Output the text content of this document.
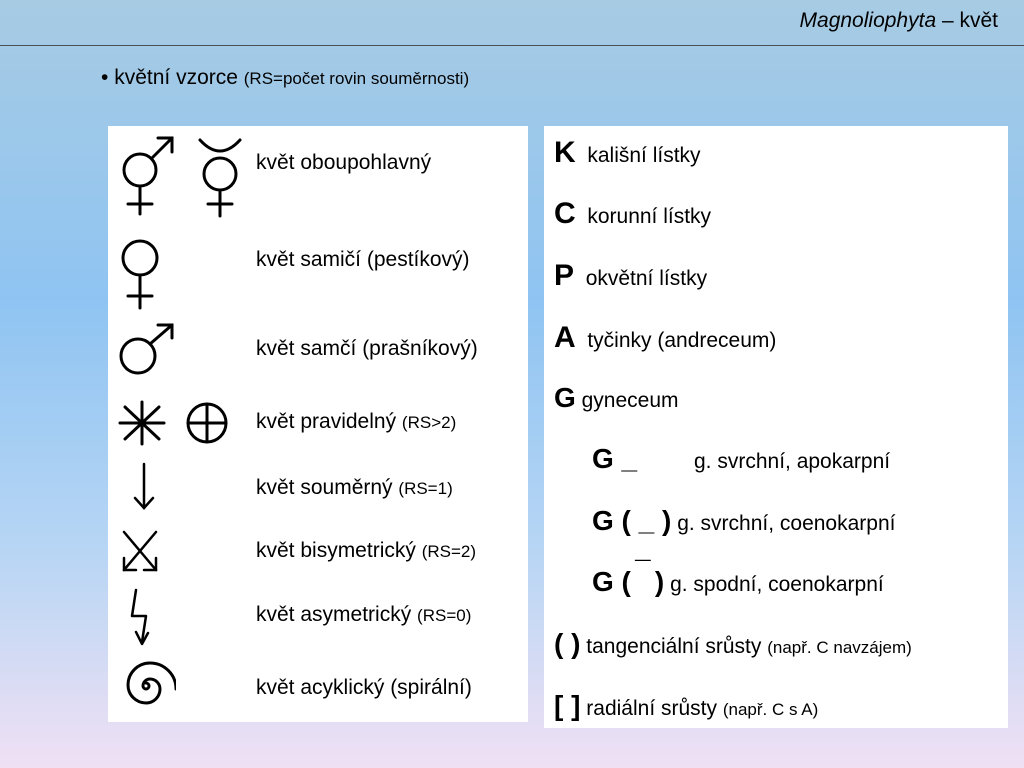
Magnoliophyta – květ
• květní vzorce (RS=počet rovin souměrnosti)
květ oboupohlavný
květ samičí (pestíkový)
květ samčí (prašníkový)
květ pravidelný (RS>2)
květ souměrný (RS=1)
květ bisymetrický (RS=2)
květ asymetrický (RS=0)
květ acyklický (spirální)
K kališní lístky
C korunní lístky
P okvětní lístky
A tyčinky (andreceum)
G gyneceum
G _	g. svrchní, apokarpní
G ( _ ) g. svrchní, coenokarpní
G ( ¯ ) g. spodní, coenokarpní
( ) tangenciální srůsty (např. C navzájem)
[ ] radiální srůsty (např. C s A)
